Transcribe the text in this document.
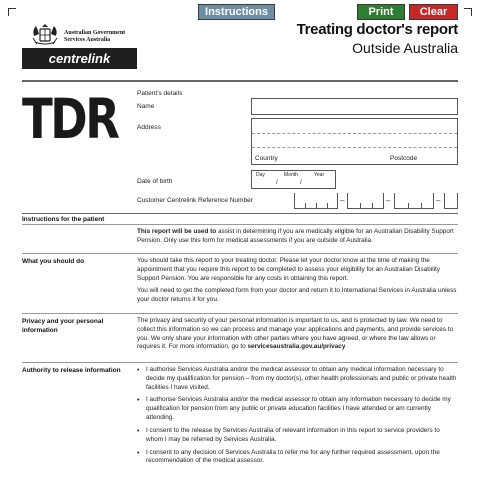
Instructions	Print	Clear
Australian Government
Services Australia
centrelink
Treating doctor's report
Outside Australia
TDR	Patient's details
Name
Address
Country	Postcode
Date of birth
Day	Month	Year
/	/
Customer Centrelink Reference Number	–	–	–
Instructions for the patient
This report will be used to assist in determining if you are medically eligible for an Australian Disability Support Pension. Only use this form for medical assessments if you are outside of Australia.
What you should do	You should take this report to your treating doctor. Please let your doctor know at the time of making the appointment that you require this report to be completed to assess your eligibility for an Australian Disability Support Pension. You are responsible for any costs in obtaining this report.
You will need to get the completed form from your doctor and return it to International Services in Australia unless your doctor returns it for you.
Privacy and your personal information
The privacy and security of your personal information is important to us, and is protected by law. We need to collect this information so we can process and manage your applications and payments, and provide services to you. We only share your information with other parties where you have agreed, or where the law allows or requires it. For more information, go to servicesaustralia.gov.au/privacy
Authority to release information
•	I authorise Services Australia and/or the medical assessor to obtain any medical information necessary to decide my qualification for pension – from my doctor(s), other health professionals and public or private health facilities I have visited.
• I authorise Services Australia and/or the medical assessor to obtain any information necessary to decide my qualification for pension from any public or private education facilities I have attended or am currently attending.
• I consent to the release by Services Australia of relevant information in this report to service providers to whom I may be referred by Services Australia.
• I consent to any decision of Services Australia to refer me for any further required assessment, upon the recommendation of the medical assessor.
